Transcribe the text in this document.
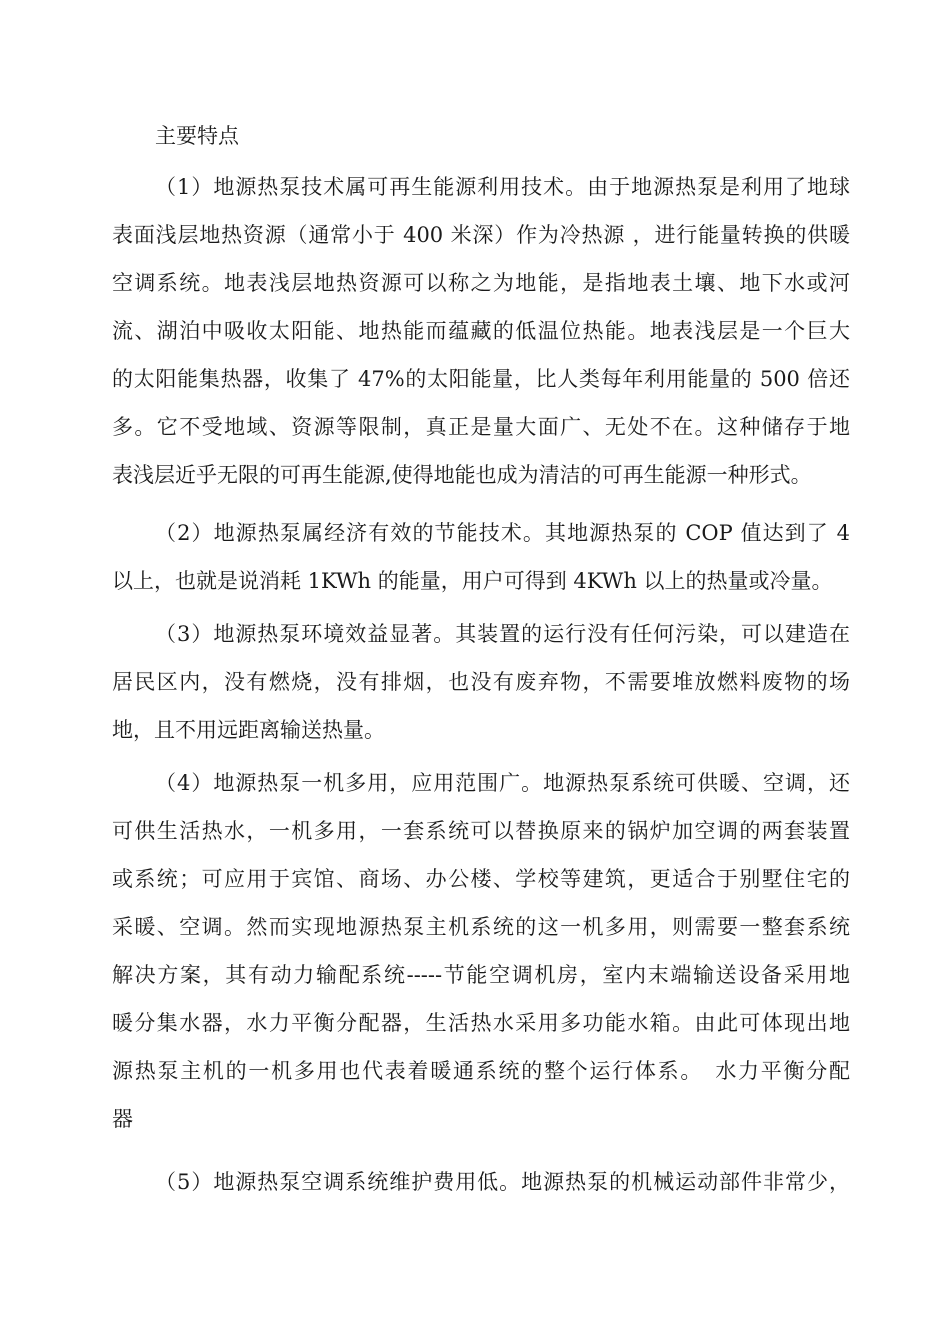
主要特点
（1）地源热泵技术属可再生能源利用技术。由于地源热泵是利用了地球
表面浅层地热资源（通常小于 400 米深）作为冷热源 ，进行能量转换的供暖
空调系统。地表浅层地热资源可以称之为地能，是指地表土壤、地下水或河
流、湖泊中吸收太阳能、地热能而蕴藏的低温位热能。地表浅层是一个巨大
的太阳能集热器，收集了 47%的太阳能量，比人类每年利用能量的 500 倍还
多。它不受地域、资源等限制，真正是量大面广、无处不在。这种储存于地
表浅层近乎无限的可再生能源,使得地能也成为清洁的可再生能源一种形式。
（2）地源热泵属经济有效的节能技术。其地源热泵的 COP 值达到了 4
以上，也就是说消耗 1KWh 的能量，用户可得到 4KWh 以上的热量或冷量。
（3）地源热泵环境效益显著。其装置的运行没有任何污染，可以建造在
居民区内，没有燃烧，没有排烟，也没有废弃物，不需要堆放燃料废物的场
地，且不用远距离输送热量。
（4）地源热泵一机多用，应用范围广。地源热泵系统可供暖、空调，还
可供生活热水，一机多用，一套系统可以替换原来的锅炉加空调的两套装置
或系统；可应用于宾馆、商场、办公楼、学校等建筑，更适合于别墅住宅的
采暖、空调。然而实现地源热泵主机系统的这一机多用，则需要一整套系统
解决方案，其有动力输配系统-----节能空调机房，室内末端输送设备采用地
暖分集水器，水力平衡分配器，生活热水采用多功能水箱。由此可体现出地
源热泵主机的一机多用也代表着暖通系统的整个运行体系。　水力平衡分配
器
（5）地源热泵空调系统维护费用低。地源热泵的机械运动部件非常少，
